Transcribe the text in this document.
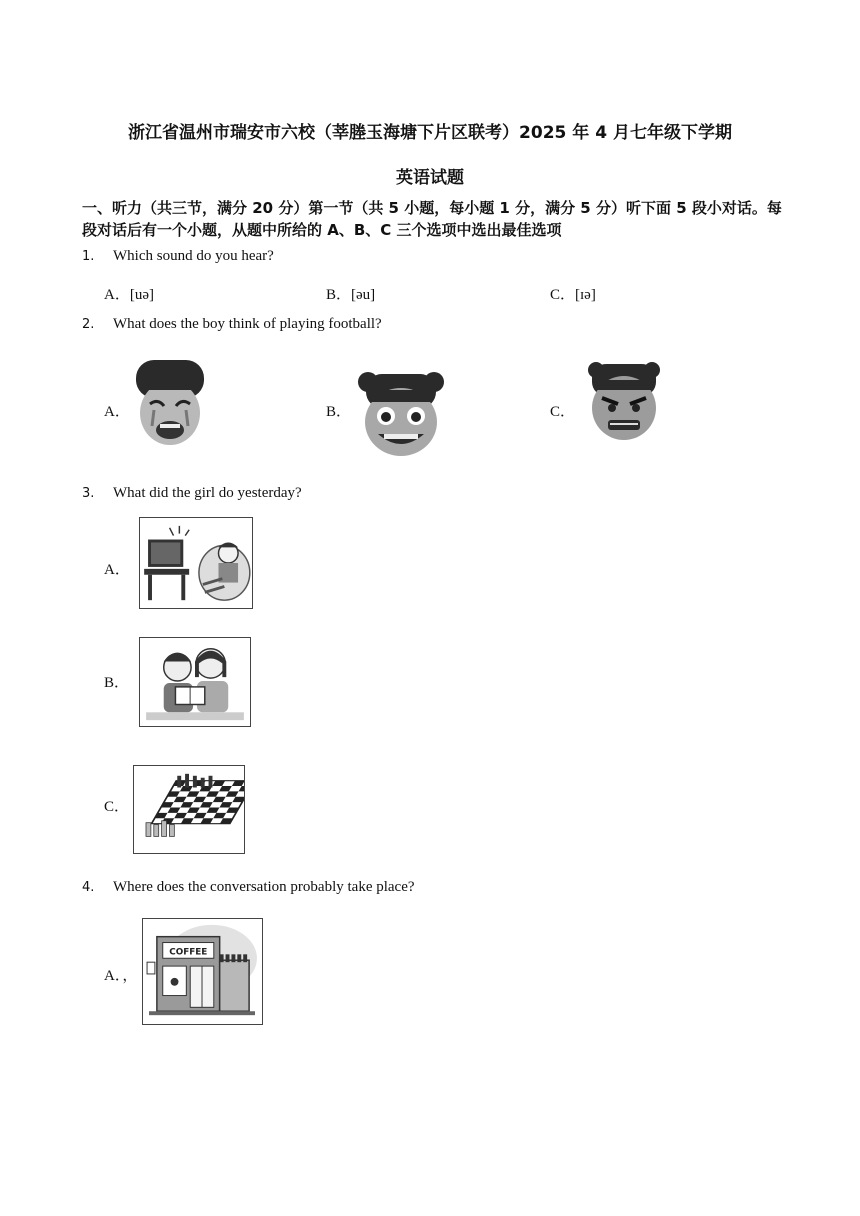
浙江省温州市瑞安市六校（莘塍玉海塘下片区联考）2025 年 4 月七年级下学期
英语试题
一、听力（共三节，满分 20 分）第一节（共 5 小题，每小题 1 分，满分 5 分）听下面 5 段小对话。每段对话后有一个小题，从题中所给的 A、B、C 三个选项中选出最佳选项
1. Which sound do you hear?
A．[uə]	B．[əu]	C．[ɪə]
2. What does the boy think of playing football?
A．	B．	C．
3. What did the girl do yesterday?
A．
B．
C．
4. Where does the conversation probably take place?
A．，
COFFEE
